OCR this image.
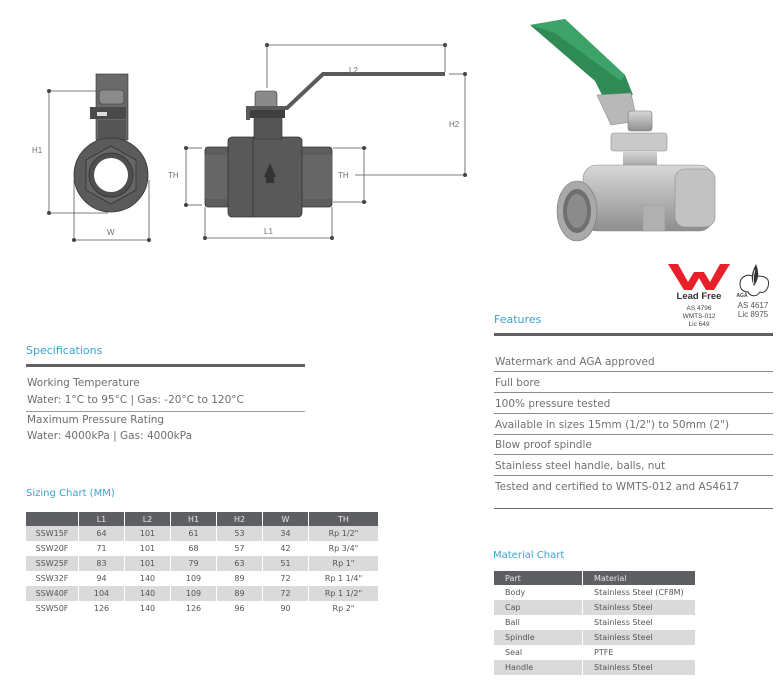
H1
W
TH
L2
H2
TH
L1
Lead Free
AS 4796
WMTS-012
Lic 649
AGA
AS 4617
Lic 8975
Specifications
Working Temperature
Water: 1°C to 95°C | Gas: -20°C to 120°C
Maximum Pressure Rating
Water: 4000kPa | Gas: 4000kPa
Features
Watermark and AGA approved
Full bore
100% pressure tested
Available in sizes 15mm (1/2") to 50mm (2")
Blow proof spindle
Stainless steel handle, balls, nut
Tested and certified to WMTS-012 and AS4617
Sizing Chart (MM)
	L1	L2	H1	H2	W	TH
SSW15F	64	101	61	53	34	Rp 1/2"
SSW20F	71	101	68	57	42	Rp 3/4"
SSW25F	83	101	79	63	51	Rp 1"
SSW32F	94	140	109	89	72	Rp 1 1/4"
SSW40F	104	140	109	89	72	Rp 1 1/2"
SSW50F	126	140	126	96	90	Rp 2"
Material Chart
Part	Material
Body	Stainless Steel (CF8M)
Cap	Stainless Steel
Ball	Stainless Steel
Spindle	Stainless Steel
Seal	PTFE
Handle	Stainless Steel
